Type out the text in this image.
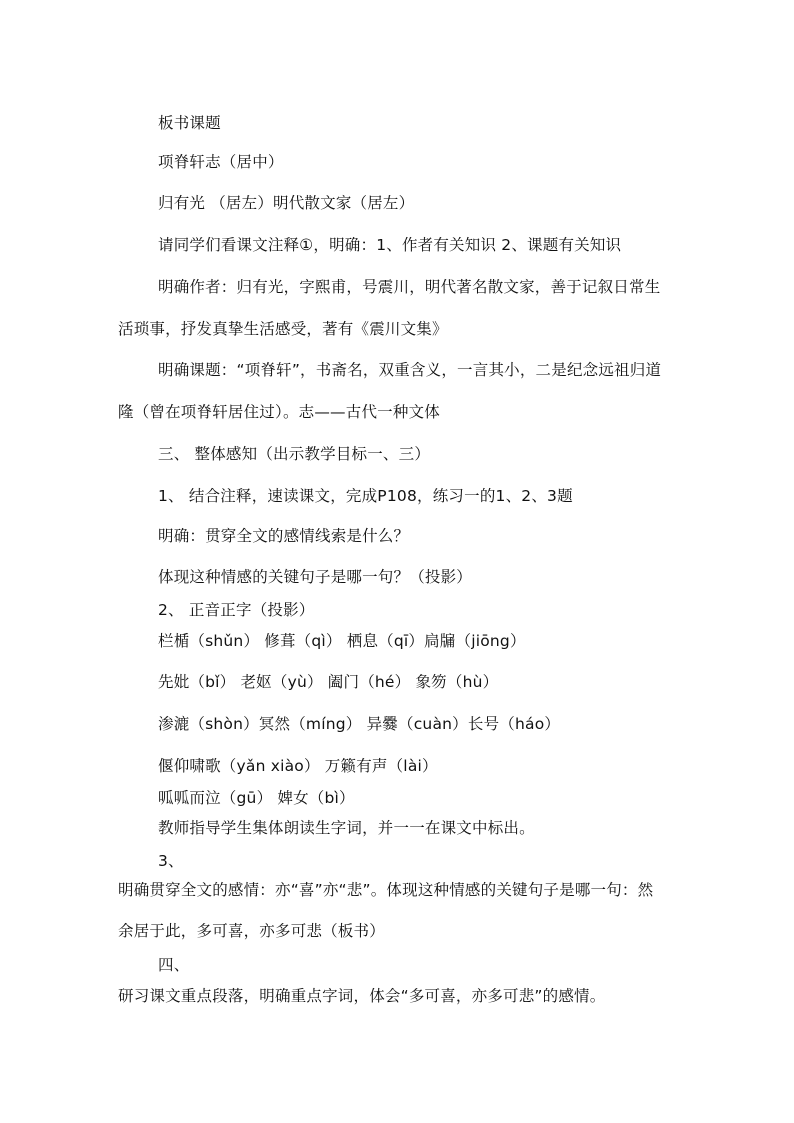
板书课题
项脊轩志（居中）
归有光 （居左）明代散文家（居左）
请同学们看课文注释①，明确：1、作者有关知识 2、课题有关知识
明确作者：归有光，字熙甫，号震川，明代著名散文家，善于记叙日常生
活琐事，抒发真挚生活感受，著有《震川文集》
明确课题：“项脊轩”，书斋名，双重含义，一言其小，二是纪念远祖归道
隆（曾在项脊轩居住过）。志——古代一种文体
三、 整体感知（出示教学目标一、三）
1、 结合注释，速读课文，完成P108，练习一的1、2、3题
明确：贯穿全文的感情线索是什么？
体现这种情感的关键句子是哪一句？（投影）
2、 正音正字（投影）
栏楯（shǔn） 修葺（qì） 栖息（qī）扃牖（jiōng）
先妣（bǐ） 老妪（yù） 阖门（hé） 象笏（hù）
渗漉（shòn）冥然（míng） 异爨（cuàn）长号（háo）
偃仰啸歌（yǎn xiào） 万籁有声（lài）
呱呱而泣（gū） 婢女（bì）
教师指导学生集体朗读生字词，并一一在课文中标出。
3、
明确贯穿全文的感情：亦“喜”亦“悲”。体现这种情感的关键句子是哪一句：然
余居于此，多可喜，亦多可悲（板书）
四、
研习课文重点段落，明确重点字词，体会“多可喜，亦多可悲”的感情。
